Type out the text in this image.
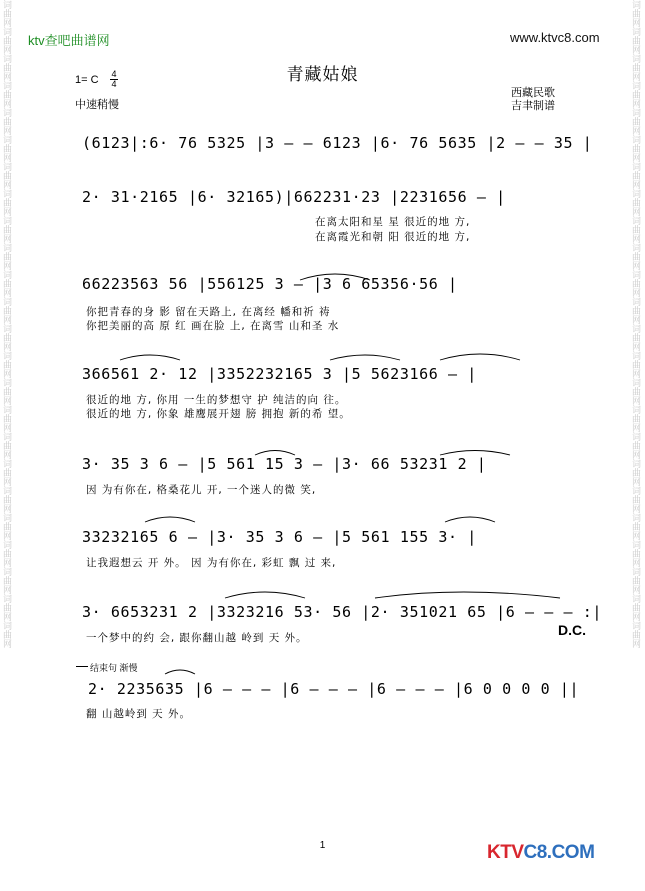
词曲网
词曲网
词曲网
词曲网
词曲网
词曲网
词曲网
词曲网
词曲网
词曲网
词曲网
词曲网
词曲网
词曲网
词曲网
词曲网
词曲网
词曲网
词曲网
词曲网
词曲网
词曲网
词曲网
词曲网
词曲网
词曲网
词曲网
词曲网
词曲网
词曲网
词曲网
词曲网
词曲网
词曲网
词曲网
词曲网
词曲网
词曲网
词曲网
词曲网
词曲网
词曲网
词曲网
词曲网
词曲网
词曲网
词曲网
词曲网
ktv查吧曲谱网	www.ktvc8.com
青藏姑娘
1= C 4
4
中速稍慢
西藏民歌
吉聿制谱
(6123|:6· 76 5325 |3 — — 6123 |6· 76 5635 |2 — — 35 |
2· 31·2165 |6· 32165)|662231·23 |2231656 — |
在离太阳和星 星 很近的地 方,
在离霞光和朝 阳 很近的地 方,
66223563 56 |556125 3 — |3 6 65356·56 |
你把青春的身 影 留在天路上, 在离经 幡和祈 祷
你把美丽的高 原 红 画在脸 上, 在离雪 山和圣 水
366561 2· 12 |3352232165 3 |5 5623166 — |
很近的地 方, 你用 一生的梦想守 护 纯洁的向 往。
很近的地 方, 你象 雄鹰展开翅 膀 拥抱 新的希 望。
3· 35 3 6 — |5 561 15 3 — |3· 66 53231 2 |
因 为有你在, 格桑花儿 开, 一个迷人的微 笑,
33232165 6 — |3· 35 3 6 — |5 561 155 3· |
让我遐想云 开 外。 因 为有你在, 彩虹 飘 过 来,
3· 6653231 2 |3323216 53· 56 |2· 351021 65 |6 — — — :|
一个梦中的约 会, 跟你翻山越 岭到 天 外。	D.C.
结束句 渐慢
2· 2235635 |6 — — — |6 — — — |6 — — — |6 0 0 0 0 ||
翻 山越岭到 天 外。
1	KTVC8.COM
